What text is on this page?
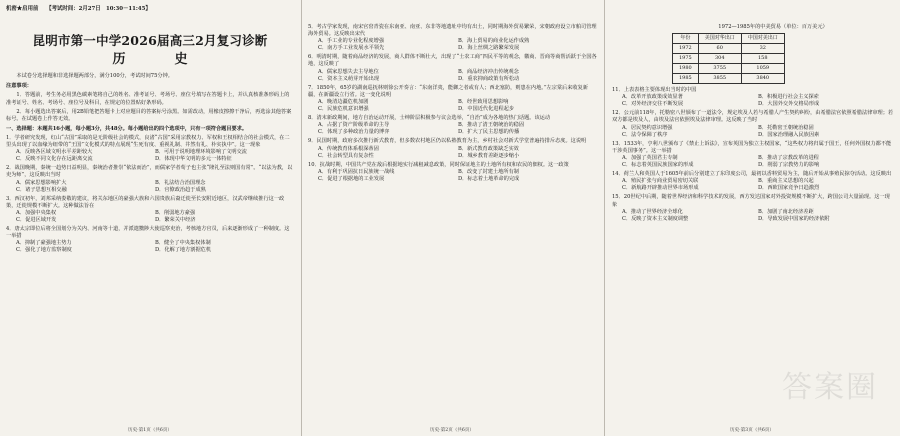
机密★启用前 【考试时间：2月27日　10:30－11:45】
昆明市第一中学2026届高三2月复习诊断
历　史
本试卷分选择题和非选择题两部分，满分100分，考试时间75分钟。
注意事项：
1．答题前，考生务必用黑色碳素笔将自己的姓名、准考证号、考场号、座位号填写在答题卡上，并认真核准条形码上的准考证号、姓名、考场号、座位号及科目，在规定的位置贴好条形码。
2．每小题选出答案后，用2B铅笔把答题卡上对应题目的答案标号涂黑。如需改动，用橡皮擦擦干净后，再选涂其他答案标号。在试题卷上作答无效。
一、选择题：本题共16小题，每小题3分，共48分。每小题给出的四个选项中，只有一项符合题目要求。
1．学者研究发现，红山“古国”采取的是无阶级社会的模式，良渚“古国”采用宗教权力、军权和王权相结合的社会模式，在二里头出现了以血缘为纽带的“王国”文化模式的特点展现“生死有度、重视礼制、井然有礼、朴实执中”。这一现象
A．反映各区域文明水平差距较大	B．可用于说明地理环境影响了文明交流
C．反映不同文化存在远距离交流	D．体现中华文明的多元一体特征
2．战国晚期，秦统一趋势日益明显，秦统治者推崇“依法而治”，而儒家学者荀子也主张“隆礼至法则国有常”。“以法为教，以吏为师”，这反映出当时
A．儒家思想影响扩大	B．礼法结合治国理念
C．诸子思想互相交融	D．官僚政治趋于成熟
3．西汉初年，刘邦采纳娄敬的建议，将关东地区的豪强大族和六国贵族后裔迁徙至长安附近地区，汉武帝继续推行这一政策，迁徙规模不断扩大。这种做法旨在
A．加强中央集权	B．削弱地方豪强
C．促进区域开发	D．繁荣关中经济
4．唐太宗即位后将全国划分为关内、河南等十道，并派遣黜陟大使巡察吏治，考核地方官员，后来逐渐形成了一种制度。这一举措
A．抑制了豪强地主势力	B．健全了中央集权体制
C．强化了地方监察制度	D．化解了地方割据危机
历史·第1页（共6页）
5．考古学家发现，南宋官窑青瓷在东南亚、南亚、东非等地遗址中均有出土，同时期海外贸易繁荣，宋朝政府设立市舶司管理海外贸易。这反映出宋代
A．手工业的专业化程度增强	B．海上贸易的商业化运作成熟
C．南方手工业发展水平领先	D．海上丝绸之路繁荣发展
6．明清时期，随着商品经济的发展，商人群体不断壮大，出现了“士农工商”四民平等的观念，徽商、晋商等商帮活跃于全国各地，这反映了
A．儒家思想失去主导地位	B．商品经济冲击传统观念
C．资本主义萌芽开始出现	D．重农抑商政策有所松动
7．1850年，65岁的湖南巡抚林则徐公开奏言：“东南洋夷，能御之者或有人；西北塞防，则患在内地。”左宗棠后来收复新疆，在新疆设立行省。这一变化说明
A．晚清边疆危机加剧	B．经世致用思想影响
C．民族危机意识增强	D．中国近代化进程起步
8．清末新政期间，地方自治运动开展，士绅阶层积极参与议会选举，“自治”成为各地的热门话题。该运动
A．占据了资产阶级革命的主导	B．推动了清王朝统治的稳固
C．体现了多种政治力量的博弈	D．扩大了民主思想的传播
9．民国时期，政府多次推行新式教育，但多数农村地区仍以私塾教育为主，乡村社会对新式学堂普遍持排斥态度。这说明
A．传统教育体系根深蒂固	B．新式教育政策缺乏实效
C．社会转型具有复杂性	D．城乡教育差距逐步缩小
10．抗战时期，中国共产党在敌后根据地实行减租减息政策，同时保证地主的土地所有权和农民的佃权。这一政策
A．有利于巩固抗日民族统一战线	B．改变了封建土地所有制
C．促进了根据地的工业发展	D．标志着土地革命的完成
历史·第2页（共6页）
1972—1985年的中美贸易（单位：百万美元）
年份	美国对华出口	中国对美出口
1972	60	32
1975	304	158
1980	3755	1059
1985	3855	3840
11．上表表格主要体现出当时的中国
A．改革开放政策成效显著	B．积极进行社会主义探索
C．对外经济交往不断发展	D．大国外交外交格局形成
12．公元前118年，托勒密八世颁布了一道法令，规定埃及人若与希腊人产生契约纠纷，由希腊法官依照希腊法律审理；若双方都是埃及人，由埃及法官依照埃及法律审理。这反映了当时
A．居民契约意识增强	B．托勒密王朝统治稳固
C．法令保障了秩序	D．国家治理融入民族因素
13．1533年，亨利八世颁布了《禁止上诉法》，宣布英国为独立主权国家，“这些权力将归属于国王，任何外国权力都不能干涉英国事务”。这一举措
A．加强了英国君主专制	B．推动了宗教改革的进程
C．标志着英国民族国家的形成	D．削弱了宗教势力的影响
14．荷兰人和英国人于1605年前后分别建立了东印度公司，最初以香料贸易为主，随后开始从事殖民掠夺活动。这反映出
A．殖民扩张与商业贸易密切关联	B．重商主义思想的兴起
C．新航路开辟推动世界市场形成	D．西欧国家竞争日趋激烈
15．20世纪中后期，随着世界经济和科学技术的发展，西方发达国家对外投资规模不断扩大，跨国公司大量涌现。这一现象
A．推动了世界经济全球化	B．加剧了南北经济差距
C．反映了资本主义制度调整	D．导致发展中国家的经济依附
历史·第3页（共6页）
答案圈
